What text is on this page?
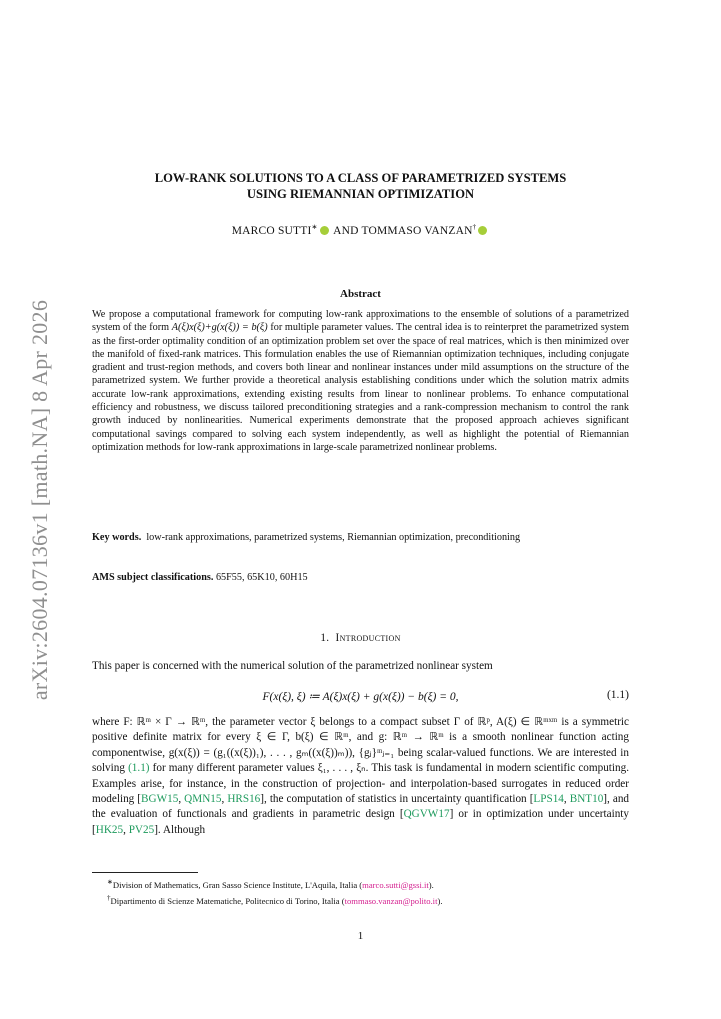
arXiv:2604.07136v1 [math.NA] 8 Apr 2026
LOW-RANK SOLUTIONS TO A CLASS OF PARAMETRIZED SYSTEMS
USING RIEMANNIAN OPTIMIZATION
MARCO SUTTI∗ AND TOMMASO VANZAN†
Abstract
We propose a computational framework for computing low-rank approximations to the ensemble of solutions of a parametrized system of the form A(ξ)x(ξ)+g(x(ξ)) = b(ξ) for multiple parameter values. The central idea is to reinterpret the parametrized system as the first-order optimality condition of an optimization problem set over the space of real matrices, which is then minimized over the manifold of fixed-rank matrices. This formulation enables the use of Riemannian optimization techniques, including conjugate gradient and trust-region methods, and covers both linear and nonlinear instances under mild assumptions on the structure of the parametrized system. We further provide a theoretical analysis establishing conditions under which the solution matrix admits accurate low-rank approximations, extending existing results from linear to nonlinear problems. To enhance computational efficiency and robustness, we discuss tailored preconditioning strategies and a rank-compression mechanism to control the rank growth induced by nonlinearities. Numerical experiments demonstrate that the proposed approach achieves significant computational savings compared to solving each system independently, as well as highlight the potential of Riemannian optimization methods for low-rank approximations in large-scale parametrized nonlinear problems.
Key words. low-rank approximations, parametrized systems, Riemannian optimization, preconditioning
AMS subject classifications. 65F55, 65K10, 60H15
1. Introduction
This paper is concerned with the numerical solution of the parametrized nonlinear system
F(x(ξ), ξ) ≔ A(ξ)x(ξ) + g(x(ξ)) − b(ξ) = 0,	(1.1)
where F: ℝᵐ × Γ → ℝᵐ, the parameter vector ξ belongs to a compact subset Γ of ℝᵖ, A(ξ) ∈ ℝᵐˣᵐ is a symmetric positive definite matrix for every ξ ∈ Γ, b(ξ) ∈ ℝᵐ, and g: ℝᵐ → ℝᵐ is a smooth nonlinear function acting componentwise, g(x(ξ)) = (g₁((x(ξ))₁), . . . , gₘ((x(ξ))ₘ)), {gⱼ}ᵐⱼ₌₁ being scalar-valued functions. We are interested in solving (1.1) for many different parameter values ξ₁, . . . , ξₙ. This task is fundamental in modern scientific computing. Examples arise, for instance, in the construction of projection- and interpolation-based surrogates in reduced order modeling [BGW15, QMN15, HRS16], the computation of statistics in uncertainty quantification [LPS14, BNT10], and the evaluation of functionals and gradients in parametric design [QGVW17] or in optimization under uncertainty [HK25, PV25]. Although
∗Division of Mathematics, Gran Sasso Science Institute, L'Aquila, Italia (marco.sutti@gssi.it).
†Dipartimento di Scienze Matematiche, Politecnico di Torino, Italia (tommaso.vanzan@polito.it).
1
